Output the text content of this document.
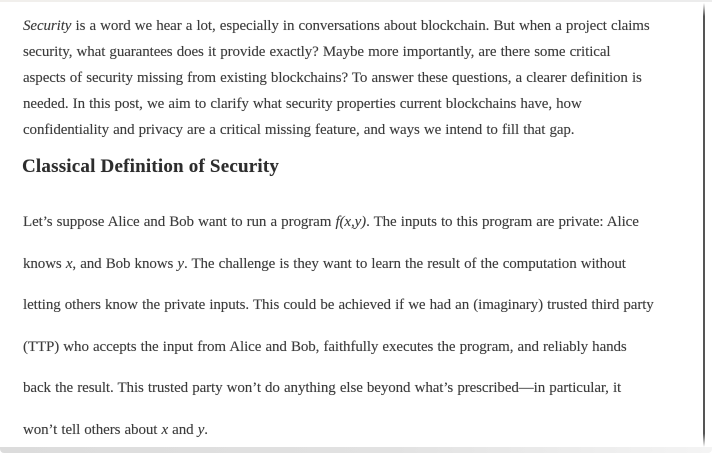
Security is a word we hear a lot, especially in conversations about blockchain. But when a project claims
security, what guarantees does it provide exactly? Maybe more importantly, are there some critical
aspects of security missing from existing blockchains? To answer these questions, a clearer definition is
needed. In this post, we aim to clarify what security properties current blockchains have, how
confidentiality and privacy are a critical missing feature, and ways we intend to fill that gap.
Classical Definition of Security
Let’s suppose Alice and Bob want to run a program f(x,y). The inputs to this program are private: Alice
knows x, and Bob knows y. The challenge is they want to learn the result of the computation without
letting others know the private inputs. This could be achieved if we had an (imaginary) trusted third party
(TTP) who accepts the input from Alice and Bob, faithfully executes the program, and reliably hands
back the result. This trusted party won’t do anything else beyond what’s prescribed—in particular, it
won’t tell others about x and y.
